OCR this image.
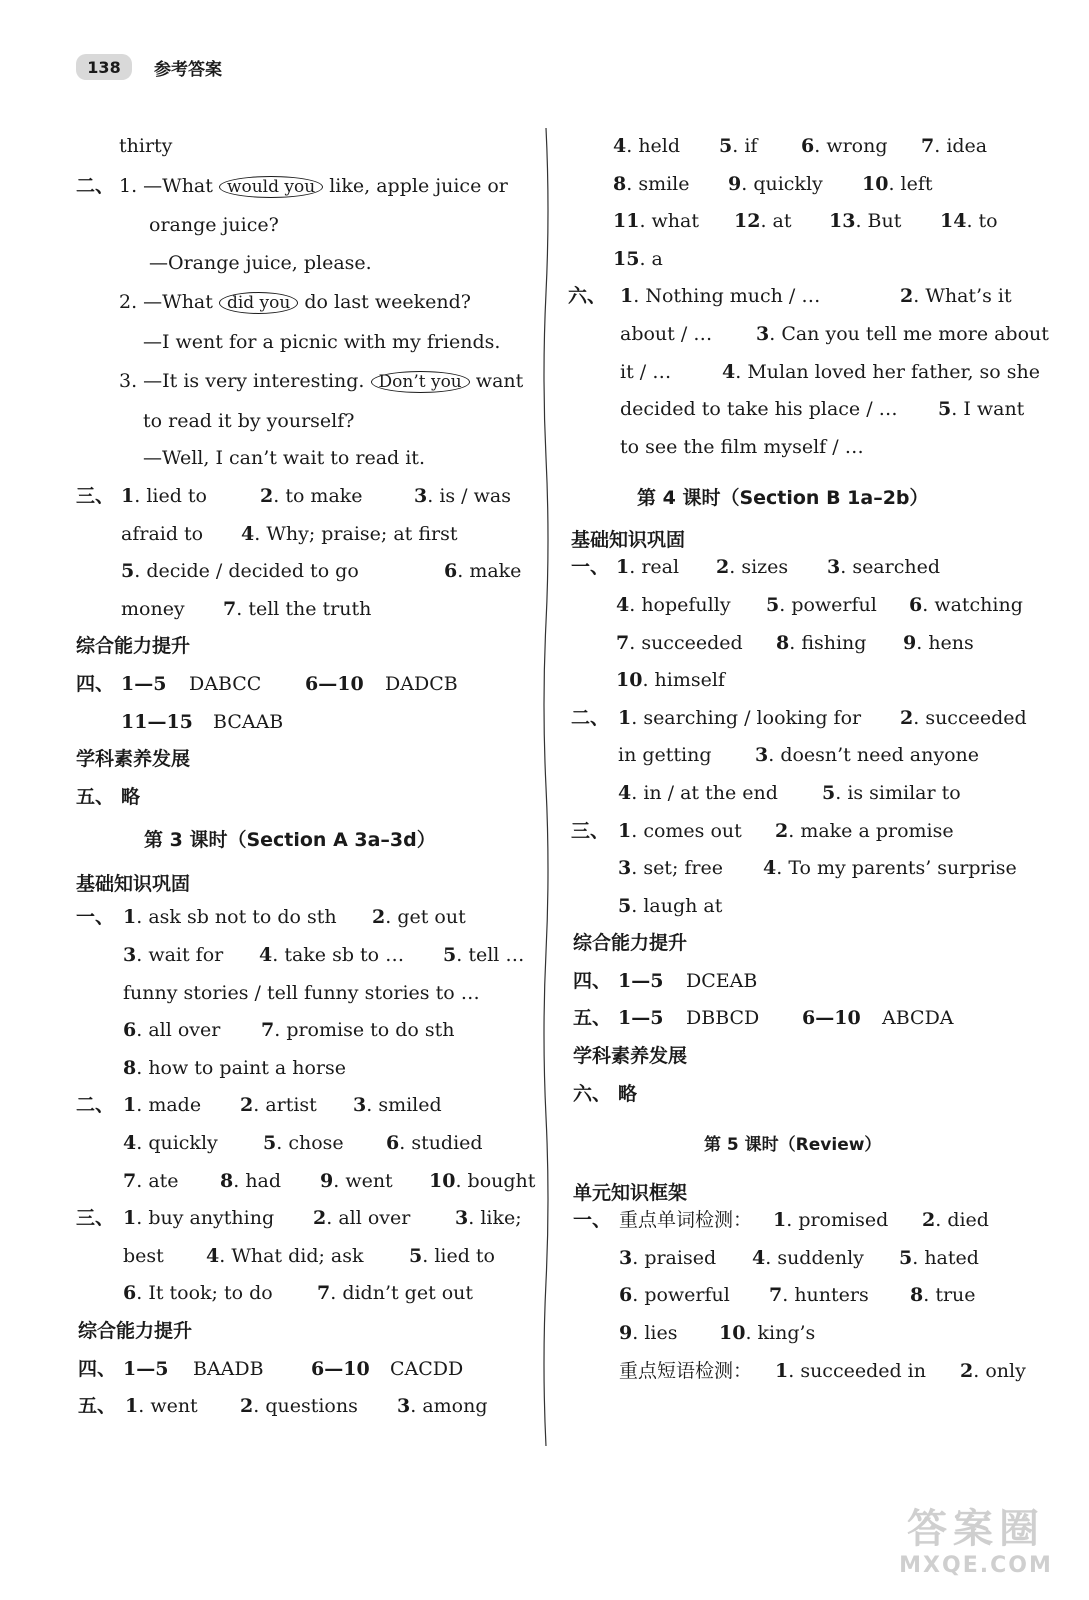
138	参考答案
thirty
二、 1. —What would you like, apple juice or
orange juice?
—Orange juice, please.
2. —What did you do last weekend?
—I went for a picnic with my friends.
3. —It is very interesting. Don’t you want
to read it by yourself?
—Well, I can’t wait to read it.
三、 1. lied to	2. to make	3. is / was
afraid to 4. Why; praise; at first
5. decide / decided to go	6. make
money 7. tell the truth
综合能力提升
四、 1—5 DABCC 6—10 DADCB
11—15 BCAAB
学科素养发展
五、 略
第 3 课时（Section A 3a–3d）
基础知识巩固
一、 1. ask sb not to do sth 2. get out
3. wait for 4. take sb to … 5. tell …
funny stories / tell funny stories to …
6. all over 7. promise to do sth
8. how to paint a horse
二、 1. made 2. artist 3. smiled
4. quickly 5. chose 6. studied
7. ate 8. had 9. went 10. bought
三、 1. buy anything 2. all over 3. like;
best 4. What did; ask 5. lied to
6. It took; to do 7. didn’t get out
综合能力提升
四、 1—5 BAADB 6—10 CACDD
五、 1. went 2. questions 3. among
4. held 5. if 6. wrong 7. idea
8. smile 9. quickly 10. left
11. what 12. at 13. But 14. to
15. a
六、 1. Nothing much / …	2. What’s it
about / … 3. Can you tell me more about
it / …	4. Mulan loved her father, so she
decided to take his place / … 5. I want
to see the film myself / …
第 4 课时（Section B 1a–2b）
基础知识巩固
一、 1. real 2. sizes 3. searched
4. hopefully 5. powerful 6. watching
7. succeeded 8. fishing 9. hens
10. himself
二、 1. searching / looking for 2. succeeded
in getting 3. doesn’t need anyone
4. in / at the end 5. is similar to
三、 1. comes out 2. make a promise
3. set; free 4. To my parents’ surprise
5. laugh at
综合能力提升
四、 1—5 DCEAB
五、 1—5 DBBCD 6—10 ABCDA
学科素养发展
六、 略
第 5 课时（Review）
单元知识框架
一、 重点单词检测： 1. promised 2. died
3. praised 4. suddenly 5. hated
6. powerful 7. hunters 8. true
9. lies 10. king’s
重点短语检测： 1. succeeded in 2. only
答案圈
MXQE.COM
